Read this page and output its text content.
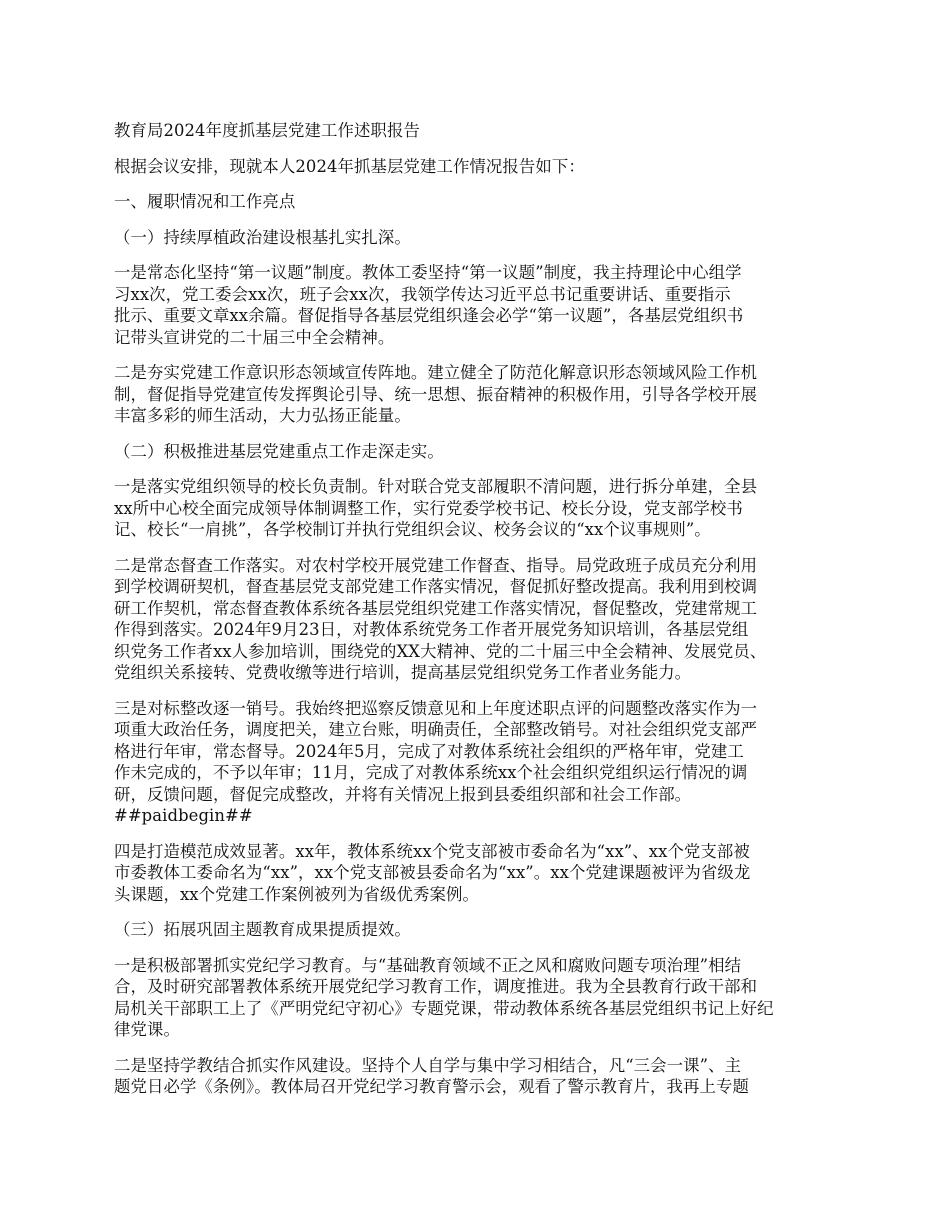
教育局2024年度抓基层党建工作述职报告

根据会议安排，现就本人2024年抓基层党建工作情况报告如下：

一、履职情况和工作亮点

（一）持续厚植政治建设根基扎实扎深。

一是常态化坚持“第一议题”制度。教体工委坚持“第一议题”制度，我主持理论中心组学
习xx次，党工委会xx次，班子会xx次，我领学传达习近平总书记重要讲话、重要指示
批示、重要文章xx余篇。督促指导各基层党组织逢会必学“第一议题”，各基层党组织书
记带头宣讲党的二十届三中全会精神。

二是夯实党建工作意识形态领域宣传阵地。建立健全了防范化解意识形态领域风险工作机
制，督促指导党建宣传发挥舆论引导、统一思想、振奋精神的积极作用，引导各学校开展
丰富多彩的师生活动，大力弘扬正能量。

（二）积极推进基层党建重点工作走深走实。

一是落实党组织领导的校长负责制。针对联合党支部履职不清问题，进行拆分单建，全县
xx所中心校全面完成领导体制调整工作，实行党委学校书记、校长分设，党支部学校书
记、校长“一肩挑”，各学校制订并执行党组织会议、校务会议的“xx个议事规则”。

二是常态督查工作落实。对农村学校开展党建工作督查、指导。局党政班子成员充分利用
到学校调研契机，督查基层党支部党建工作落实情况，督促抓好整改提高。我利用到校调
研工作契机，常态督查教体系统各基层党组织党建工作落实情况，督促整改，党建常规工
作得到落实。2024年9月23日，对教体系统党务工作者开展党务知识培训，各基层党组
织党务工作者xx人参加培训，围绕党的XX大精神、党的二十届三中全会精神、发展党员、
党组织关系接转、党费收缴等进行培训，提高基层党组织党务工作者业务能力。

三是对标整改逐一销号。我始终把巡察反馈意见和上年度述职点评的问题整改落实作为一
项重大政治任务，调度把关，建立台账，明确责任，全部整改销号。对社会组织党支部严
格进行年审，常态督导。2024年5月，完成了对教体系统社会组织的严格年审，党建工
作未完成的，不予以年审；11月，完成了对教体系统xx个社会组织党组织运行情况的调
研，反馈问题，督促完成整改，并将有关情况上报到县委组织部和社会工作部。

##paidbegin##

四是打造模范成效显著。xx年，教体系统xx个党支部被市委命名为“xx”、xx个党支部被
市委教体工委命名为“xx”，xx个党支部被县委命名为“xx”。xx个党建课题被评为省级龙
头课题，xx个党建工作案例被列为省级优秀案例。

（三）拓展巩固主题教育成果提质提效。

一是积极部署抓实党纪学习教育。与“基础教育领域不正之风和腐败问题专项治理”相结
合，及时研究部署教体系统开展党纪学习教育工作，调度推进。我为全县教育行政干部和
局机关干部职工上了《严明党纪守初心》专题党课，带动教体系统各基层党组织书记上好纪
律党课。

二是坚持学教结合抓实作风建设。坚持个人自学与集中学习相结合，凡“三会一课”、主
题党日必学《条例》。教体局召开党纪学习教育警示会，观看了警示教育片，我再上专题
